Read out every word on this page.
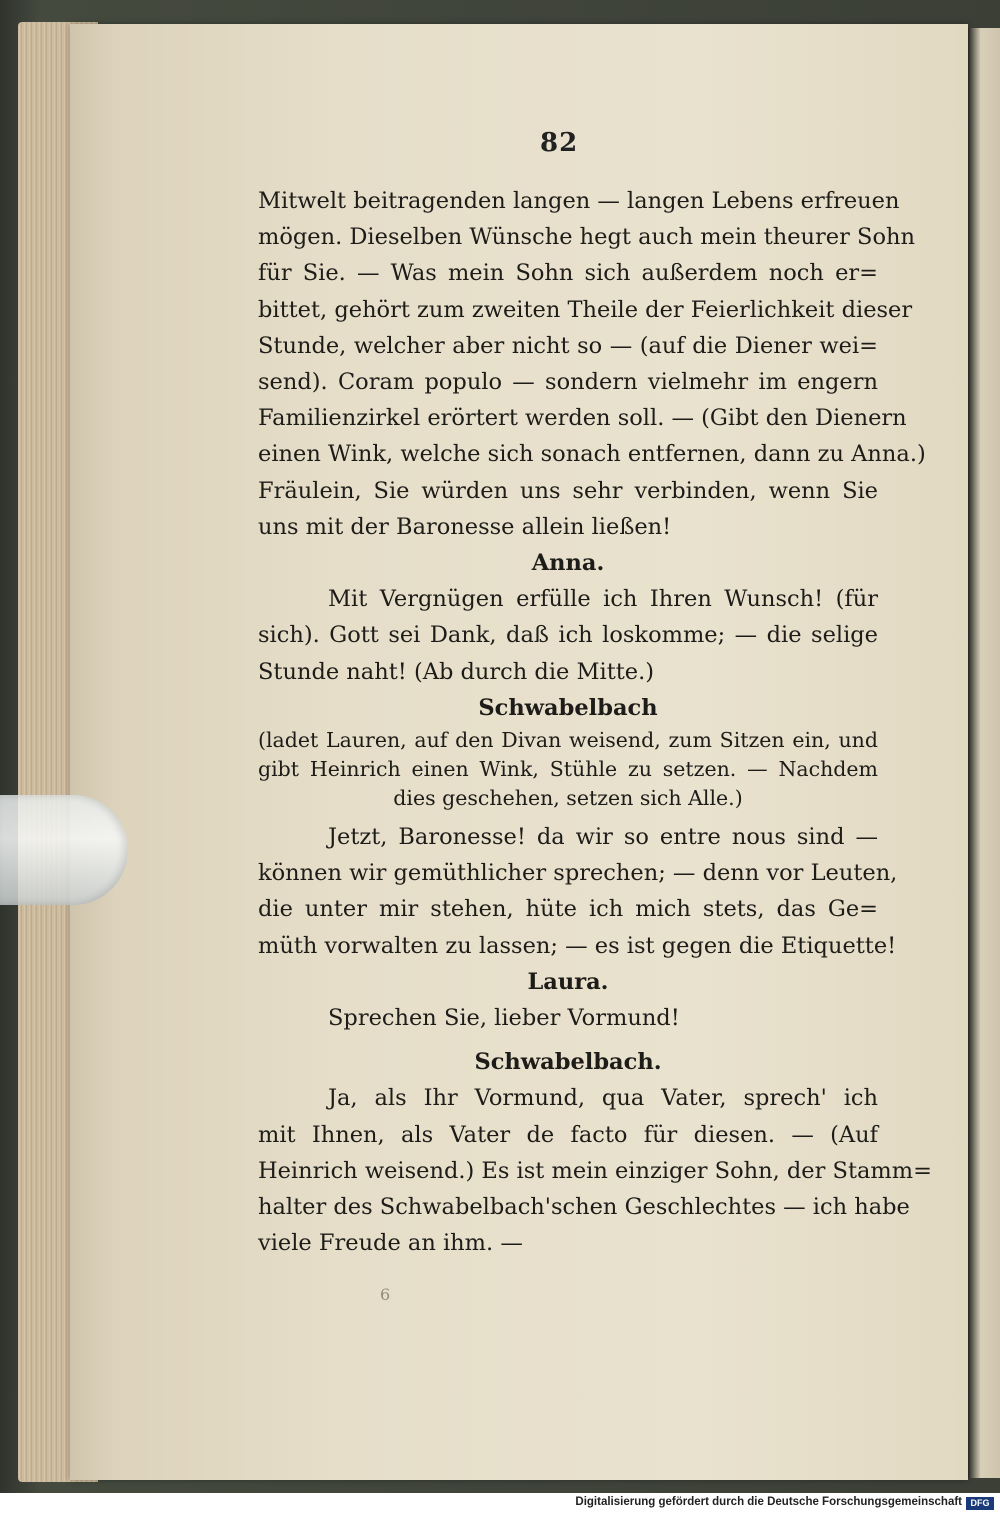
82
Mitwelt beitragenden langen — langen Lebens erfreuen
mögen. Dieselben Wünsche hegt auch mein theurer Sohn
für Sie. — Was mein Sohn sich außerdem noch er=
bittet, gehört zum zweiten Theile der Feierlichkeit dieser
Stunde, welcher aber nicht so — (auf die Diener wei=
send). Coram populo — sondern vielmehr im engern
Familienzirkel erörtert werden soll. — (Gibt den Dienern
einen Wink, welche sich sonach entfernen, dann zu Anna.)
Fräulein, Sie würden uns sehr verbinden, wenn Sie
uns mit der Baronesse allein ließen!
Anna.
Mit Vergnügen erfülle ich Ihren Wunsch! (für
sich). Gott sei Dank, daß ich loskomme; — die selige
Stunde naht! (Ab durch die Mitte.)
Schwabelbach
(ladet Lauren, auf den Divan weisend, zum Sitzen ein, und
gibt Heinrich einen Wink, Stühle zu setzen. — Nachdem
dies geschehen, setzen sich Alle.)
Jetzt, Baronesse! da wir so entre nous sind —
können wir gemüthlicher sprechen; — denn vor Leuten,
die unter mir stehen, hüte ich mich stets, das Ge=
müth vorwalten zu lassen; — es ist gegen die Etiquette!
Laura.
Sprechen Sie, lieber Vormund!
Schwabelbach.
Ja, als Ihr Vormund, qua Vater, sprech' ich
mit Ihnen, als Vater de facto für diesen. — (Auf
Heinrich weisend.) Es ist mein einziger Sohn, der Stamm=
halter des Schwabelbach'schen Geschlechtes — ich habe
viele Freude an ihm. —
6
Digitalisierung gefördert durch die Deutsche Forschungsgemeinschaft DFG
